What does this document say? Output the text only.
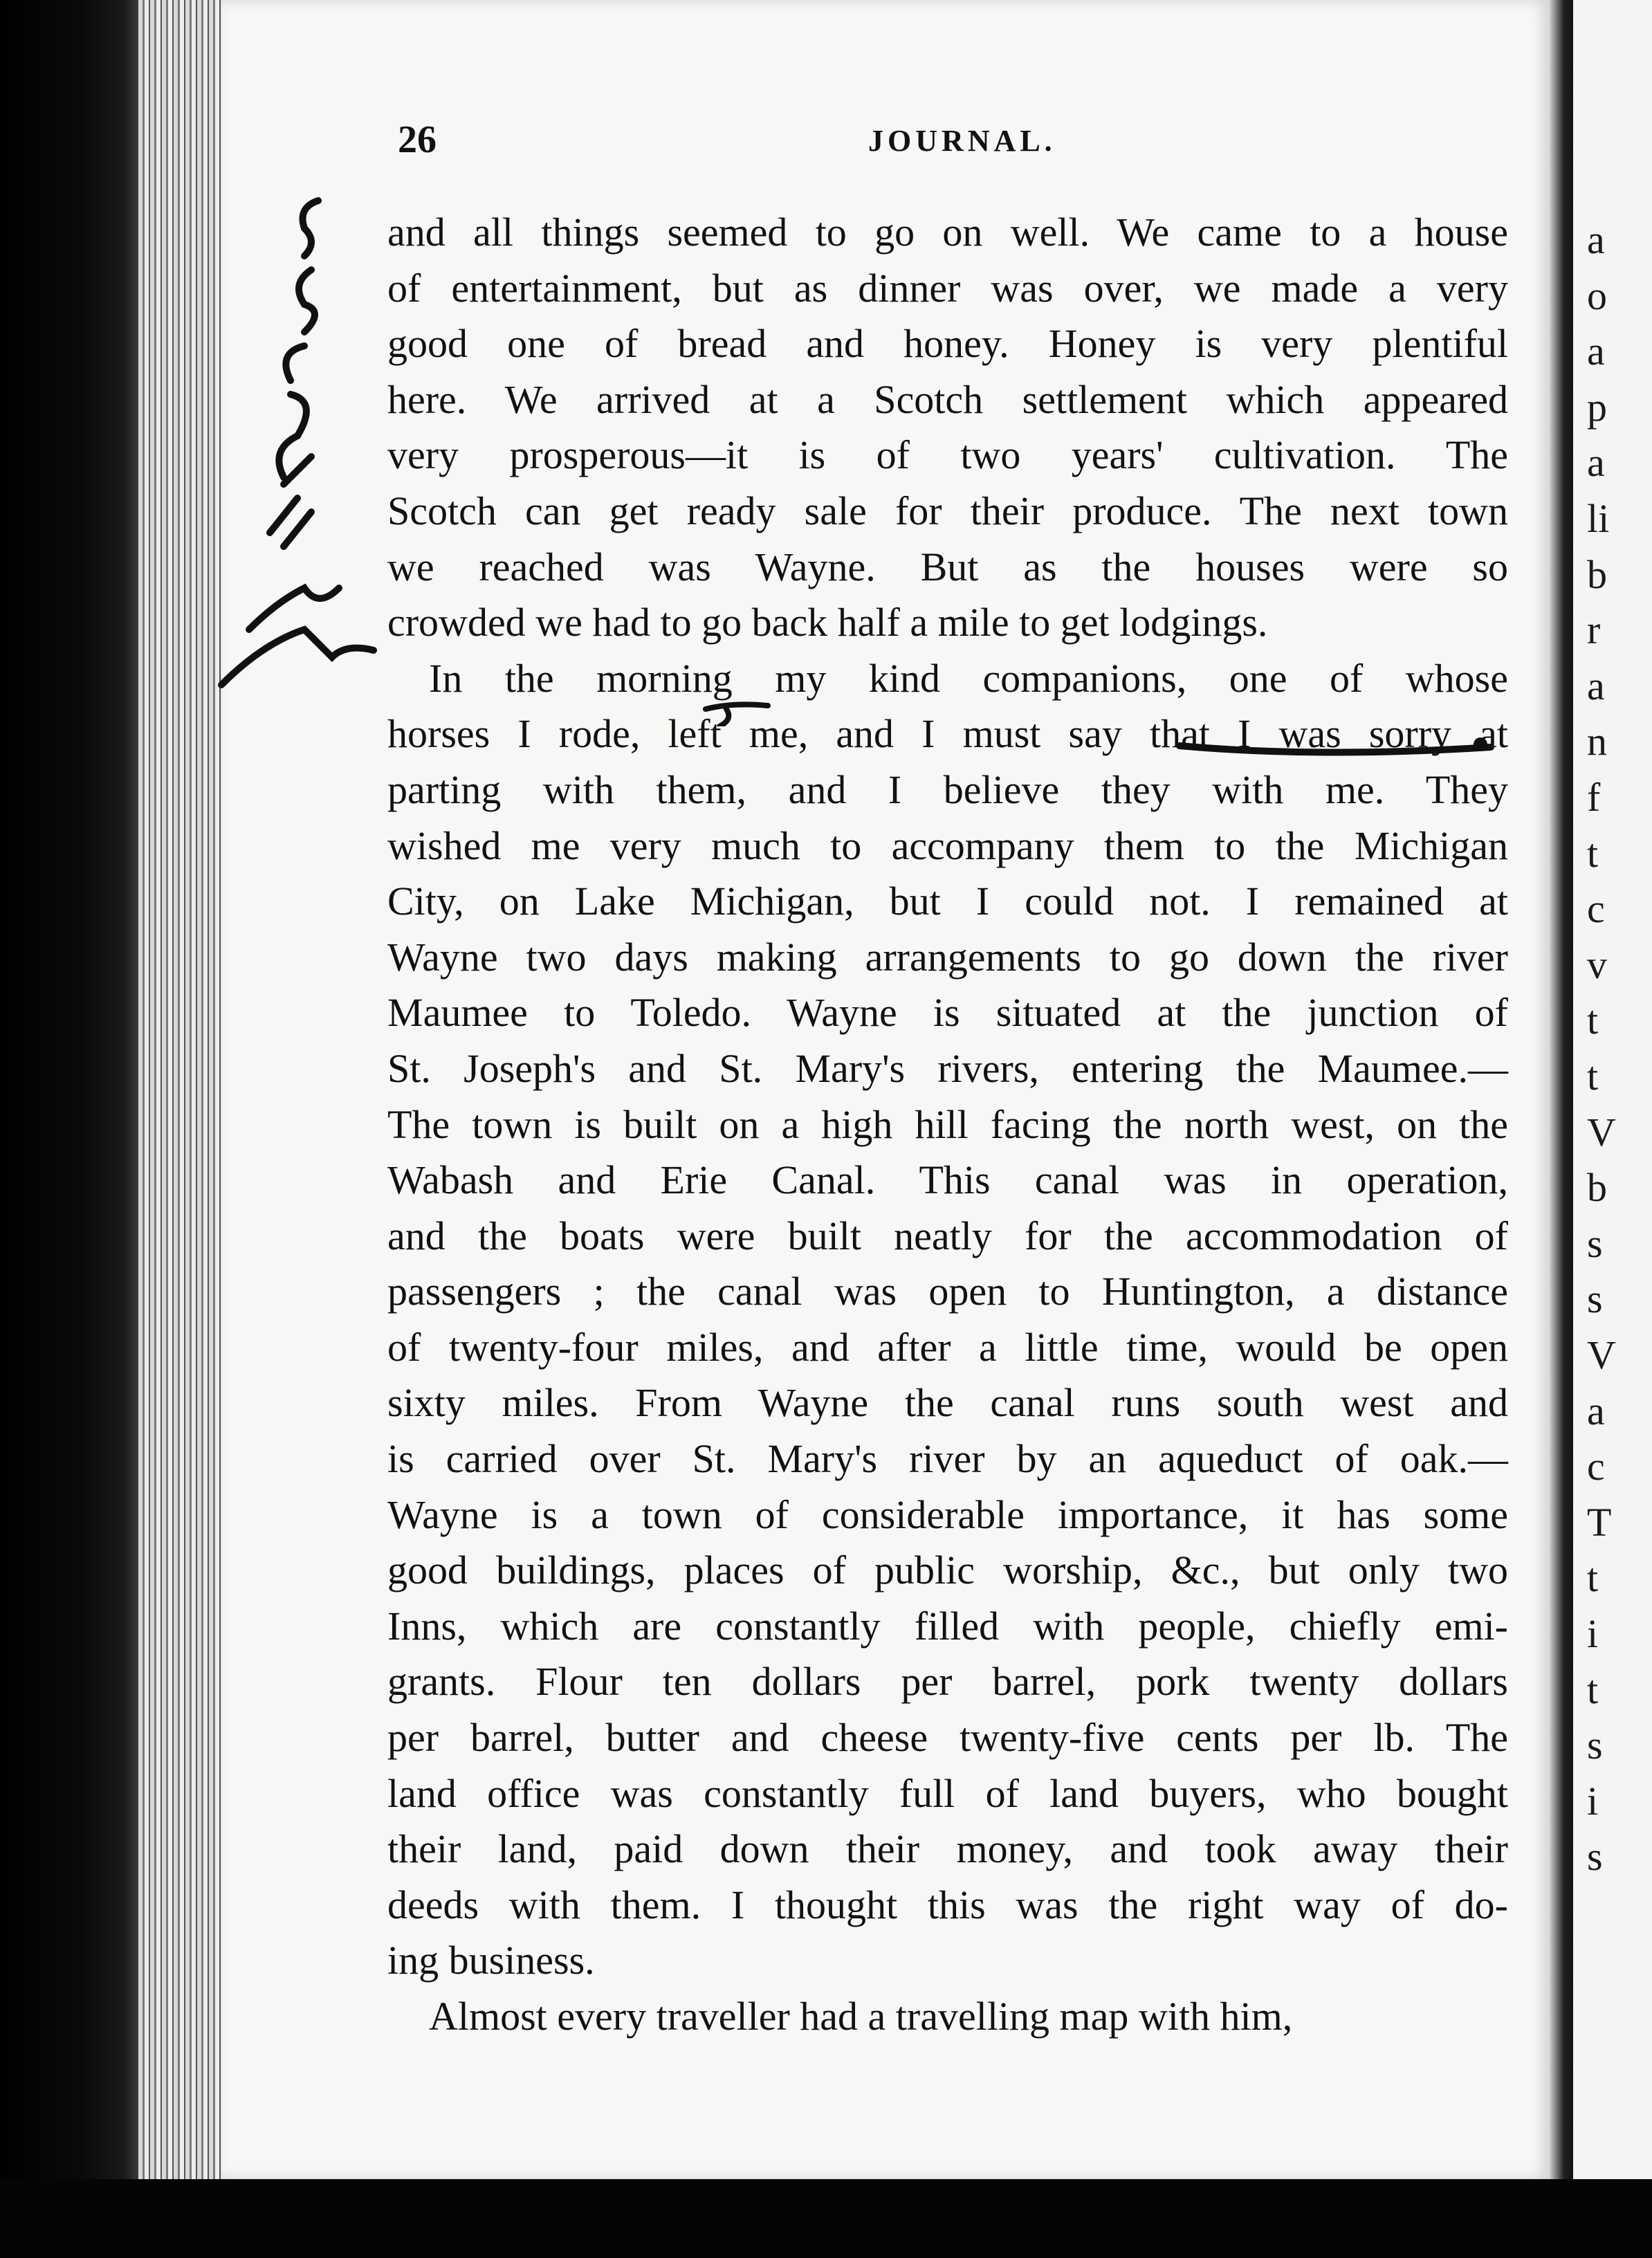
a
o
a
p
a
li
b
r
a
n
f
t
c
v
t
t
V
b
s
s
V
a
c
T
t
i
t
s
i
s
26	JOURNAL.
and all things seemed to go on well. We came to a house
of entertainment, but as dinner was over, we made a very
good one of bread and honey. Honey is very plentiful
here. We arrived at a Scotch settlement which appeared
very prosperous—it is of two years' cultivation. The
Scotch can get ready sale for their produce. The next town
we reached was Wayne. But as the houses were so
crowded we had to go back half a mile to get lodgings.
In the morning my kind companions, one of whose
horses I rode, left me, and I must say that I was sorry at
parting with them, and I believe they with me. They
wished me very much to accompany them to the Michigan
City, on Lake Michigan, but I could not. I remained at
Wayne two days making arrangements to go down the river
Maumee to Toledo. Wayne is situated at the junction of
St. Joseph's and St. Mary's rivers, entering the Maumee.—
The town is built on a high hill facing the north west, on the
Wabash and Erie Canal. This canal was in operation,
and the boats were built neatly for the accommodation of
passengers ; the canal was open to Huntington, a distance
of twenty-four miles, and after a little time, would be open
sixty miles. From Wayne the canal runs south west and
is carried over St. Mary's river by an aqueduct of oak.—
Wayne is a town of considerable importance, it has some
good buildings, places of public worship, &c., but only two
Inns, which are constantly filled with people, chiefly emi-
grants. Flour ten dollars per barrel, pork twenty dollars
per barrel, butter and cheese twenty-five cents per lb. The
land office was constantly full of land buyers, who bought
their land, paid down their money, and took away their
deeds with them. I thought this was the right way of do-
ing business.
Almost every traveller had a travelling map with him,
